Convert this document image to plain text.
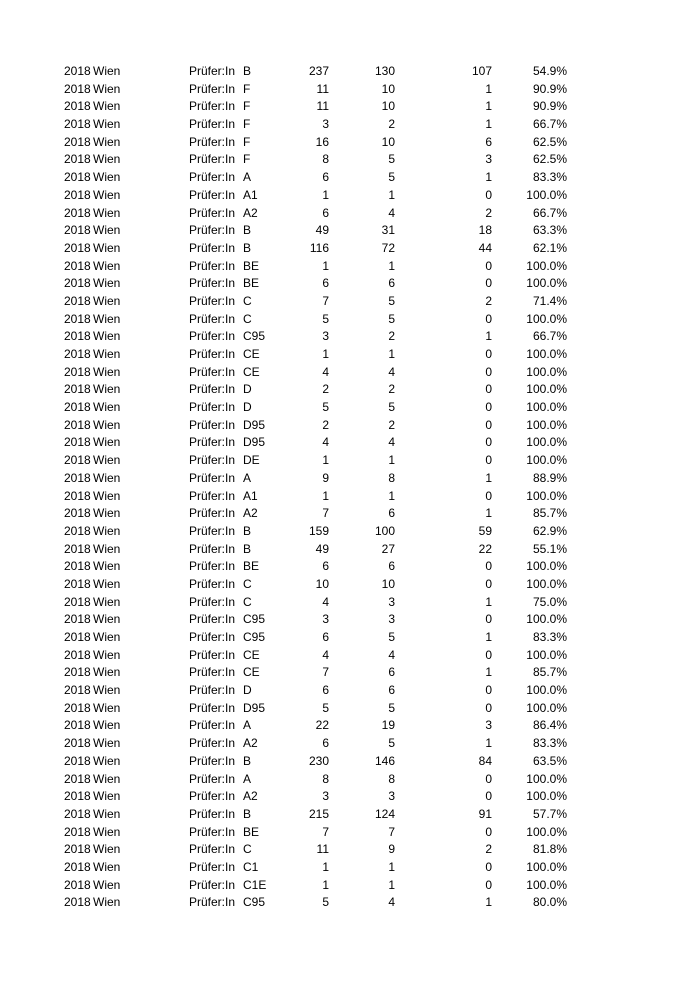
2018 Wien	Prüfer:In B	237	130	107	54.9%
2018 Wien	Prüfer:In F	11	10	1	90.9%
2018 Wien	Prüfer:In F	11	10	1	90.9%
2018 Wien	Prüfer:In F	3	2	1	66.7%
2018 Wien	Prüfer:In F	16	10	6	62.5%
2018 Wien	Prüfer:In F	8	5	3	62.5%
2018 Wien	Prüfer:In A	6	5	1	83.3%
2018 Wien	Prüfer:In A1	1	1	0	100.0%
2018 Wien	Prüfer:In A2	6	4	2	66.7%
2018 Wien	Prüfer:In B	49	31	18	63.3%
2018 Wien	Prüfer:In B	116	72	44	62.1%
2018 Wien	Prüfer:In BE	1	1	0	100.0%
2018 Wien	Prüfer:In BE	6	6	0	100.0%
2018 Wien	Prüfer:In C	7	5	2	71.4%
2018 Wien	Prüfer:In C	5	5	0	100.0%
2018 Wien	Prüfer:In C95	3	2	1	66.7%
2018 Wien	Prüfer:In CE	1	1	0	100.0%
2018 Wien	Prüfer:In CE	4	4	0	100.0%
2018 Wien	Prüfer:In D	2	2	0	100.0%
2018 Wien	Prüfer:In D	5	5	0	100.0%
2018 Wien	Prüfer:In D95	2	2	0	100.0%
2018 Wien	Prüfer:In D95	4	4	0	100.0%
2018 Wien	Prüfer:In DE	1	1	0	100.0%
2018 Wien	Prüfer:In A	9	8	1	88.9%
2018 Wien	Prüfer:In A1	1	1	0	100.0%
2018 Wien	Prüfer:In A2	7	6	1	85.7%
2018 Wien	Prüfer:In B	159	100	59	62.9%
2018 Wien	Prüfer:In B	49	27	22	55.1%
2018 Wien	Prüfer:In BE	6	6	0	100.0%
2018 Wien	Prüfer:In C	10	10	0	100.0%
2018 Wien	Prüfer:In C	4	3	1	75.0%
2018 Wien	Prüfer:In C95	3	3	0	100.0%
2018 Wien	Prüfer:In C95	6	5	1	83.3%
2018 Wien	Prüfer:In CE	4	4	0	100.0%
2018 Wien	Prüfer:In CE	7	6	1	85.7%
2018 Wien	Prüfer:In D	6	6	0	100.0%
2018 Wien	Prüfer:In D95	5	5	0	100.0%
2018 Wien	Prüfer:In A	22	19	3	86.4%
2018 Wien	Prüfer:In A2	6	5	1	83.3%
2018 Wien	Prüfer:In B	230	146	84	63.5%
2018 Wien	Prüfer:In A	8	8	0	100.0%
2018 Wien	Prüfer:In A2	3	3	0	100.0%
2018 Wien	Prüfer:In B	215	124	91	57.7%
2018 Wien	Prüfer:In BE	7	7	0	100.0%
2018 Wien	Prüfer:In C	11	9	2	81.8%
2018 Wien	Prüfer:In C1	1	1	0	100.0%
2018 Wien	Prüfer:In C1E	1	1	0	100.0%
2018 Wien	Prüfer:In C95	5	4	1	80.0%
